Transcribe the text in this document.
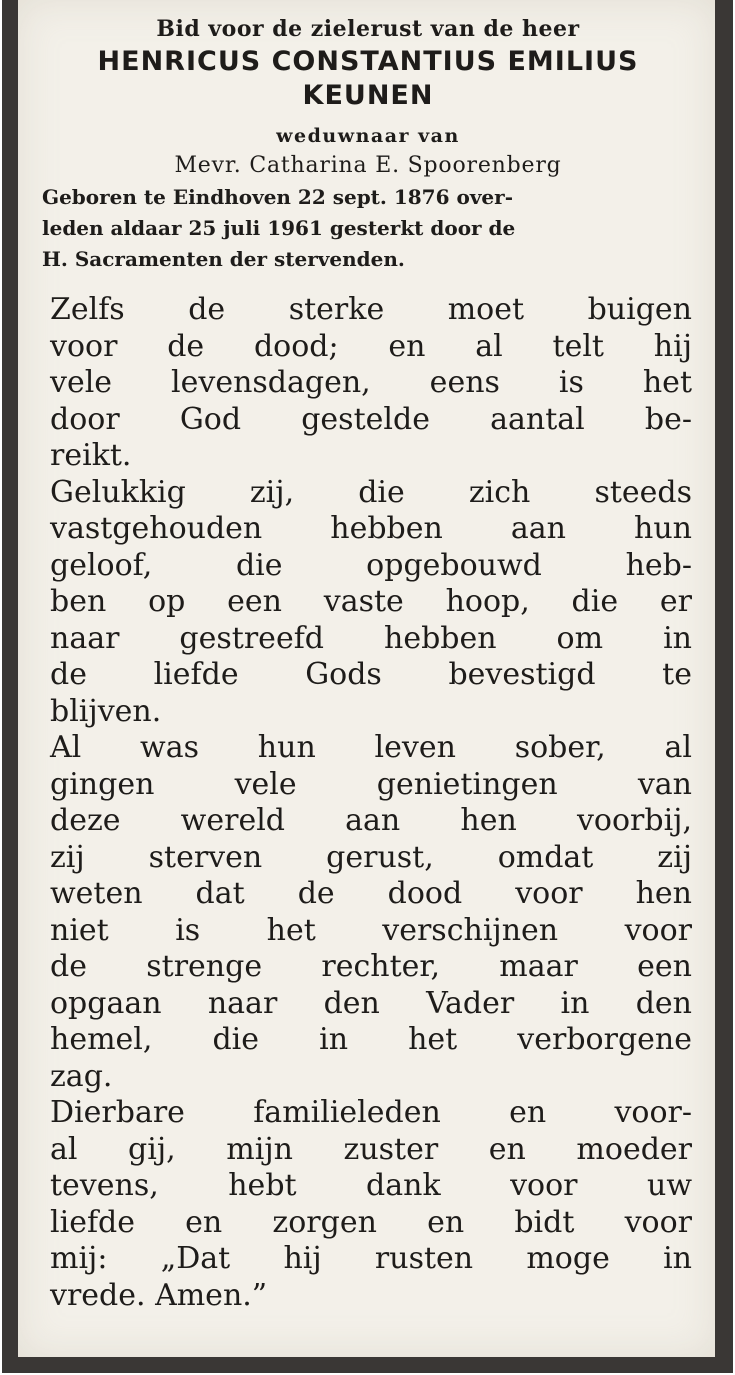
Bid voor de zielerust van de heer
HENRICUS CONSTANTIUS EMILIUS
KEUNEN
weduwnaar van
Mevr. Catharina E. Spoorenberg
Geboren te Eindhoven 22 sept. 1876 over-
leden aldaar 25 juli 1961 gesterkt door de
H. Sacramenten der stervenden.
Zelfs de sterke moet buigen
voor de dood; en al telt hij
vele levensdagen, eens is het
door God gestelde aantal be-
reikt.
Gelukkig zij, die zich steeds
vastgehouden hebben aan hun
geloof, die opgebouwd heb-
ben op een vaste hoop, die er
naar gestreefd hebben om in
de liefde Gods bevestigd te
blijven.
Al was hun leven sober, al
gingen vele genietingen van
deze wereld aan hen voorbij,
zij sterven gerust, omdat zij
weten dat de dood voor hen
niet is het verschijnen voor
de strenge rechter, maar een
opgaan naar den Vader in den
hemel, die in het verborgene
zag.
Dierbare familieleden en voor-
al gij, mijn zuster en moeder
tevens, hebt dank voor uw
liefde en zorgen en bidt voor
mij: „Dat hij rusten moge in
vrede. Amen.”
